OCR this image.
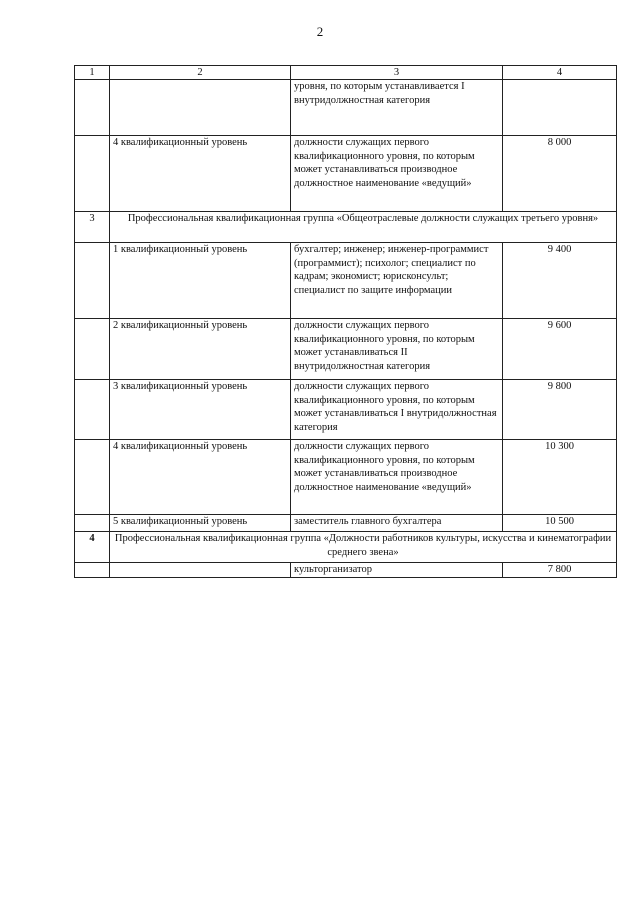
2
1	2	3	4
		уровня, по которым устанавливается I внутридолжностная категория	
	4 квалификационный уровень	должности служащих первого квалификационного уровня, по которым может устанавливаться производное должностное наименование «ведущий»	8 000
3	Профессиональная квалификационная группа «Общеотраслевые должности служащих третьего уровня»		
	1 квалификационный уровень	бухгалтер; инженер; инженер-программист (программист); психолог; специалист по кадрам; экономист; юрисконсульт; специалист по защите информации	9 400
	2 квалификационный уровень	должности служащих первого квалификационного уровня, по которым может устанавливаться II внутридолжностная категория	9 600
	3 квалификационный уровень	должности служащих первого квалификационного уровня, по которым может устанавливаться I внутридолжностная категория	9 800
	4 квалификационный уровень	должности служащих первого квалификационного уровня, по которым может устанавливаться производное должностное наименование «ведущий»	10 300
	5 квалификационный уровень	заместитель главного бухгалтера	10 500
4	Профессиональная квалификационная группа «Должности работников культуры, искусства и кинематографии среднего звена»		
		культорганизатор	7 800
